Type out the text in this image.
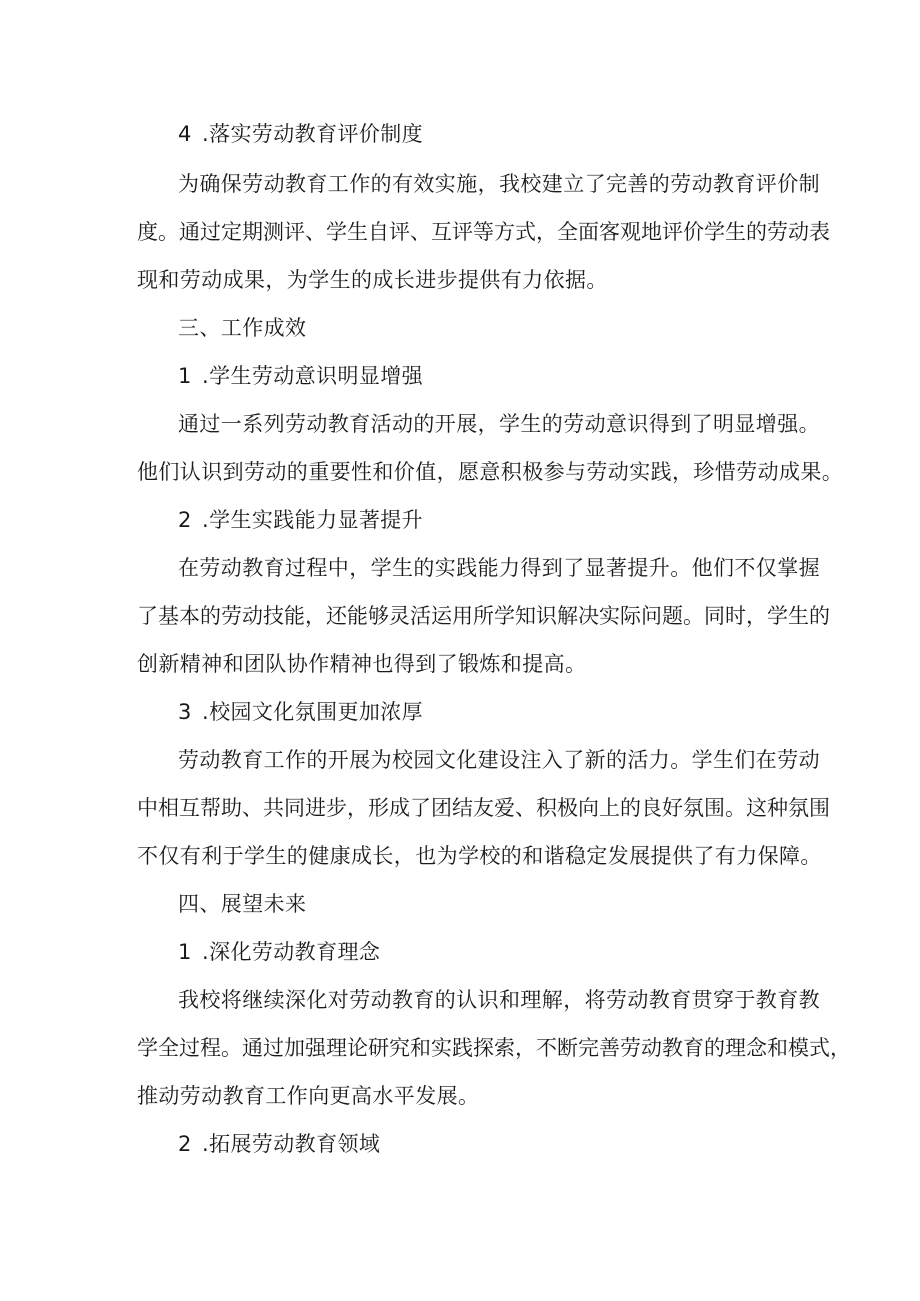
4 .落实劳动教育评价制度
为确保劳动教育工作的有效实施，我校建立了完善的劳动教育评价制
度。通过定期测评、学生自评、互评等方式，全面客观地评价学生的劳动表
现和劳动成果，为学生的成长进步提供有力依据。
三、工作成效
1 .学生劳动意识明显增强
通过一系列劳动教育活动的开展，学生的劳动意识得到了明显增强。
他们认识到劳动的重要性和价值，愿意积极参与劳动实践，珍惜劳动成果。
2 .学生实践能力显著提升
在劳动教育过程中，学生的实践能力得到了显著提升。他们不仅掌握
了基本的劳动技能，还能够灵活运用所学知识解决实际问题。同时，学生的
创新精神和团队协作精神也得到了锻炼和提高。
3 .校园文化氛围更加浓厚
劳动教育工作的开展为校园文化建设注入了新的活力。学生们在劳动
中相互帮助、共同进步，形成了团结友爱、积极向上的良好氛围。这种氛围
不仅有利于学生的健康成长，也为学校的和谐稳定发展提供了有力保障。
四、展望未来
1 .深化劳动教育理念
我校将继续深化对劳动教育的认识和理解，将劳动教育贯穿于教育教
学全过程。通过加强理论研究和实践探索，不断完善劳动教育的理念和模式，
推动劳动教育工作向更高水平发展。
2 .拓展劳动教育领域
